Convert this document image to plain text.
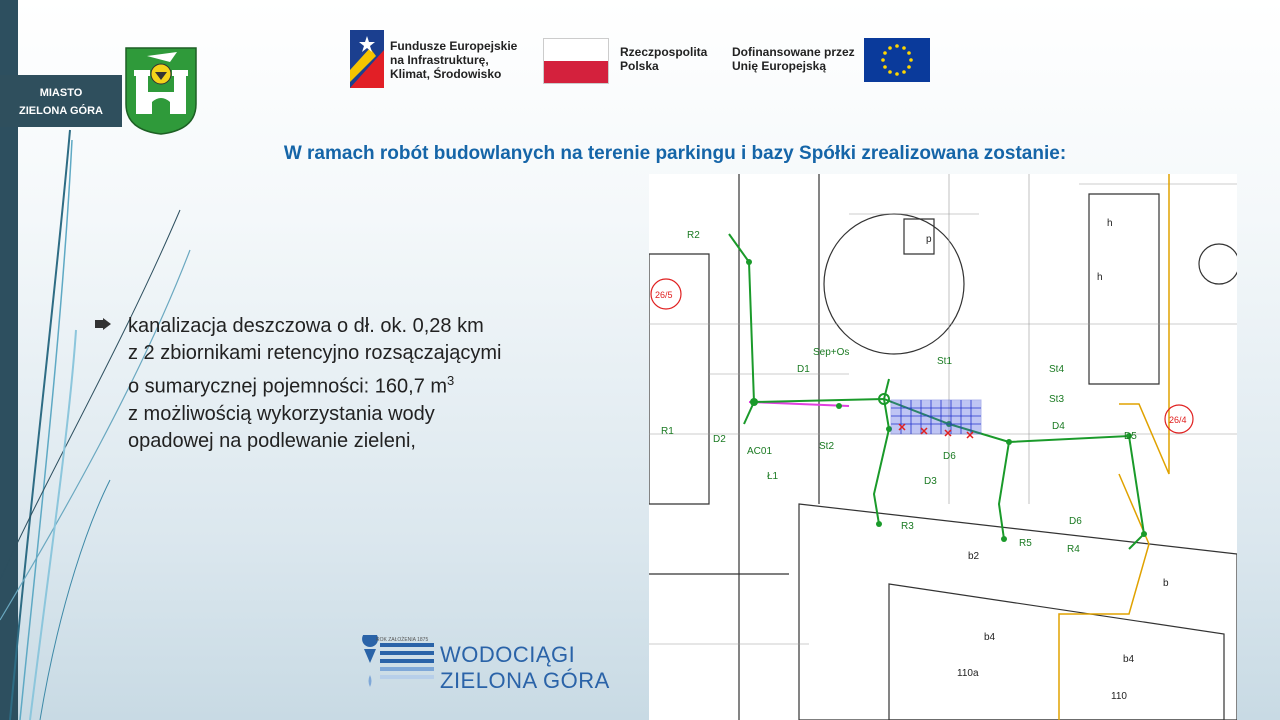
MIASTO
ZIELONA GÓRA
Fundusze Europejskie
na Infrastrukturę,
Klimat, Środowisko
Rzeczpospolita
Polska
Dofinansowane przez
Unię Europejską
W ramach robót budowlanych na terenie parkingu i bazy Spółki zrealizowana zostanie:
kanalizacja deszczowa o dł. ok. 0,28 km
z 2 zbiornikami retencyjno rozsączającymi
o sumarycznej pojemności: 160,7 $m^3$
z możliwością wykorzystania wody
opadowej na podlewanie zieleni,
R2
R1
R3
R4
R5
Sep+Os
St1
St2
St3
St4
D1
D2
D3
D4
D5
D6
D6
AC01
Ł1
b2
b
b4
b4
h
h
p
110a
110
26/5
26/4
ROK ZAŁOŻENIA 1875
WODOCIĄGI
ZIELONA GÓRA
